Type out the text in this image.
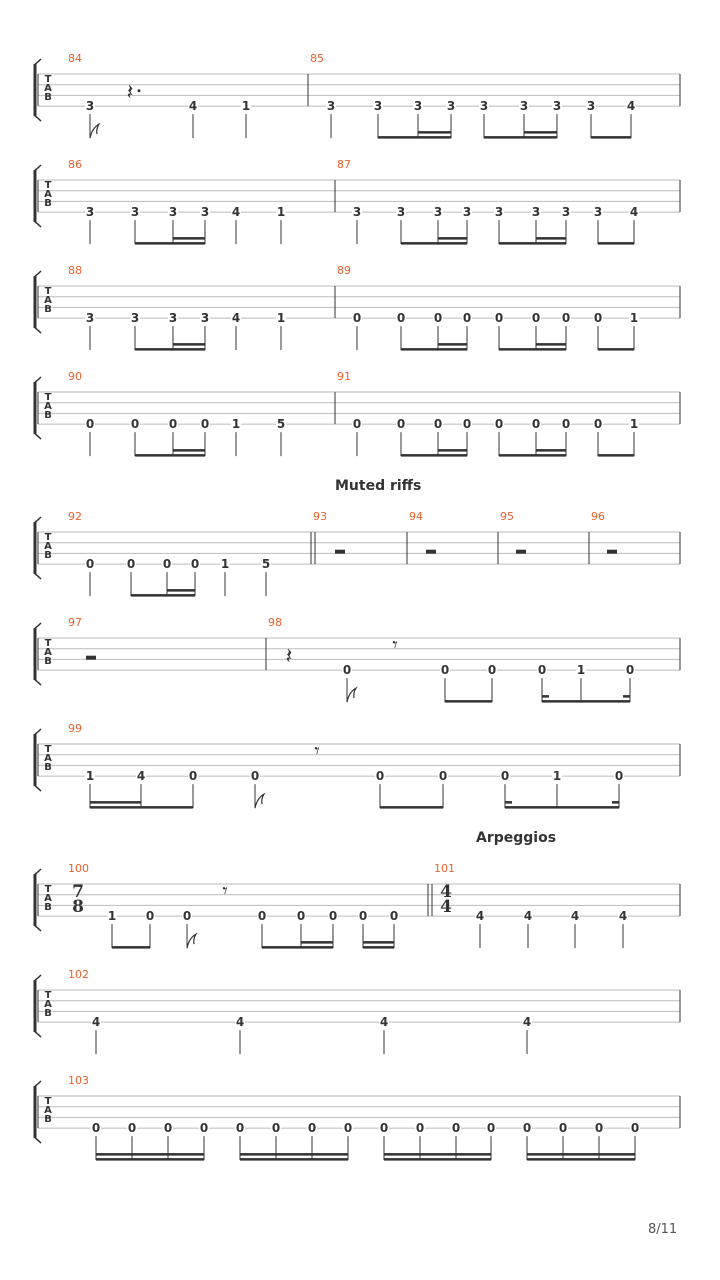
T
A
B
84
3
𝄽
4	1
85
3	3	3 3 3	3 3 3	4
T
A
B
86
3	3 3 3 4	1
87
3	3 3 3 3 3 3 3 4
T
A
B
88
3	3 3 3 4	1
89
0	0 0 0 0 0 0 0 1
T
A
B
90
0	0 0 0 1	5
91
0	0 0 0 0 0 0 0 1
T
A
B
92
0	0 0 0 1	5
93	94	95	96
T
A
B
97	98
𝄽
0
𝄾
0	0	0	1	0
T
A
B
99
1	4	0	0
𝄾
0	0	0	1	0
T
A
B
100
7
8 1 0 0
𝄾
0	0 0 0 0
101
4
4 4	4	4	4
T
A
B
102
4	4	4	4
T
A
B
103
0 0 0 0 0 0 0 0 0 0 0 0 0 0 0 0
Muted riffs
Arpeggios
8/11
